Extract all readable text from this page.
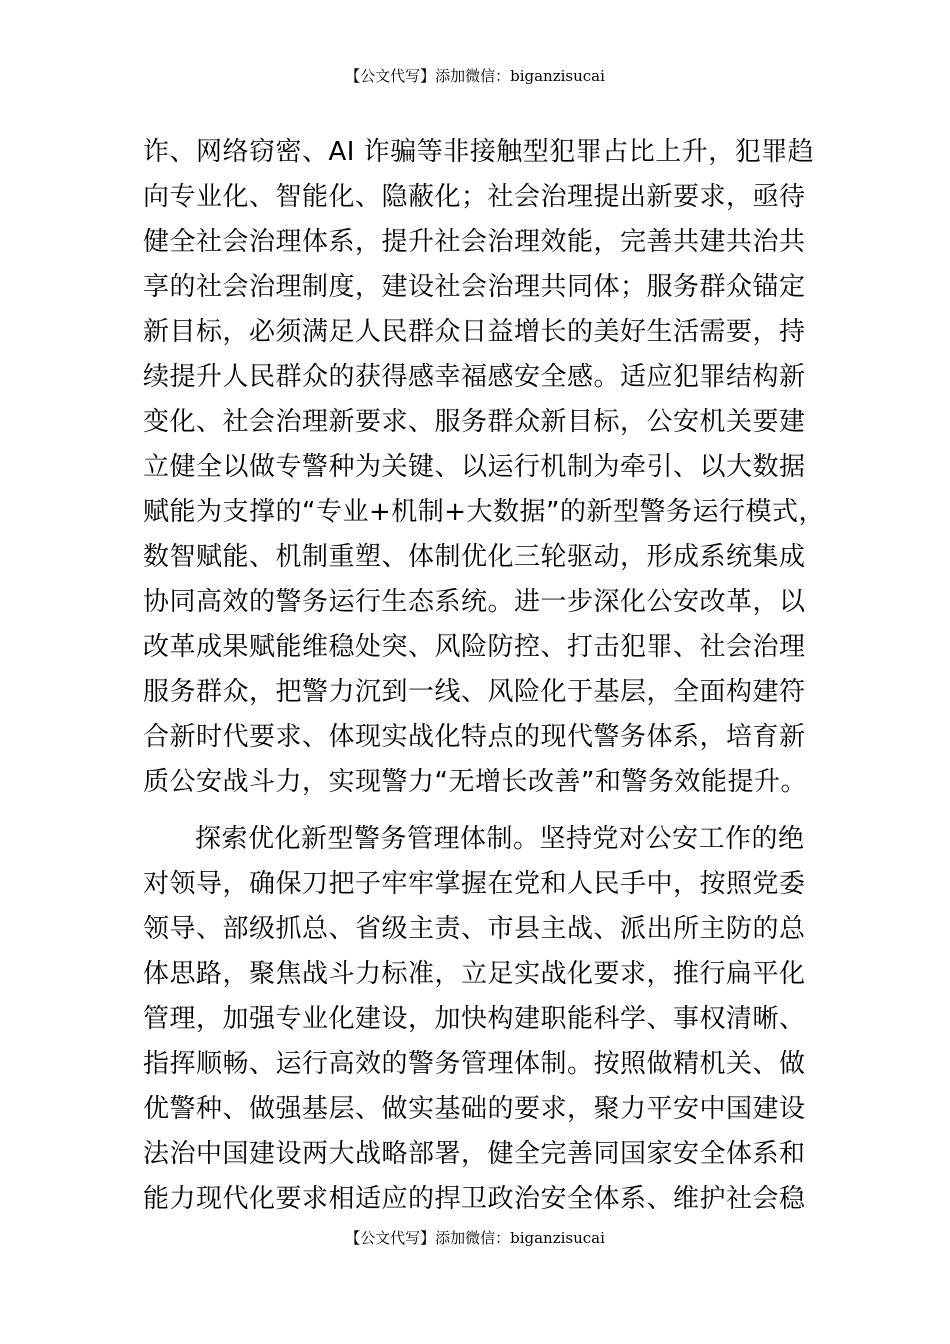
【公文代写】添加微信：biganzisucai
诈、网络窃密、AI 诈骗等非接触型犯罪占比上升，犯罪趋
向专业化、智能化、隐蔽化；社会治理提出新要求，亟待
健全社会治理体系，提升社会治理效能，完善共建共治共
享的社会治理制度，建设社会治理共同体；服务群众锚定
新目标，必须满足人民群众日益增长的美好生活需要，持
续提升人民群众的获得感幸福感安全感。适应犯罪结构新
变化、社会治理新要求、服务群众新目标，公安机关要建
立健全以做专警种为关键、以运行机制为牵引、以大数据
赋能为支撑的“专业+机制+大数据”的新型警务运行模式，
数智赋能、机制重塑、体制优化三轮驱动，形成系统集成
协同高效的警务运行生态系统。进一步深化公安改革，以
改革成果赋能维稳处突、风险防控、打击犯罪、社会治理
服务群众，把警力沉到一线、风险化于基层，全面构建符
合新时代要求、体现实战化特点的现代警务体系，培育新
质公安战斗力，实现警力“无增长改善”和警务效能提升。
探索优化新型警务管理体制。坚持党对公安工作的绝
对领导，确保刀把子牢牢掌握在党和人民手中，按照党委
领导、部级抓总、省级主责、市县主战、派出所主防的总
体思路，聚焦战斗力标准，立足实战化要求，推行扁平化
管理，加强专业化建设，加快构建职能科学、事权清晰、
指挥顺畅、运行高效的警务管理体制。按照做精机关、做
优警种、做强基层、做实基础的要求，聚力平安中国建设
法治中国建设两大战略部署，健全完善同国家安全体系和
能力现代化要求相适应的捍卫政治安全体系、维护社会稳
【公文代写】添加微信：biganzisucai
